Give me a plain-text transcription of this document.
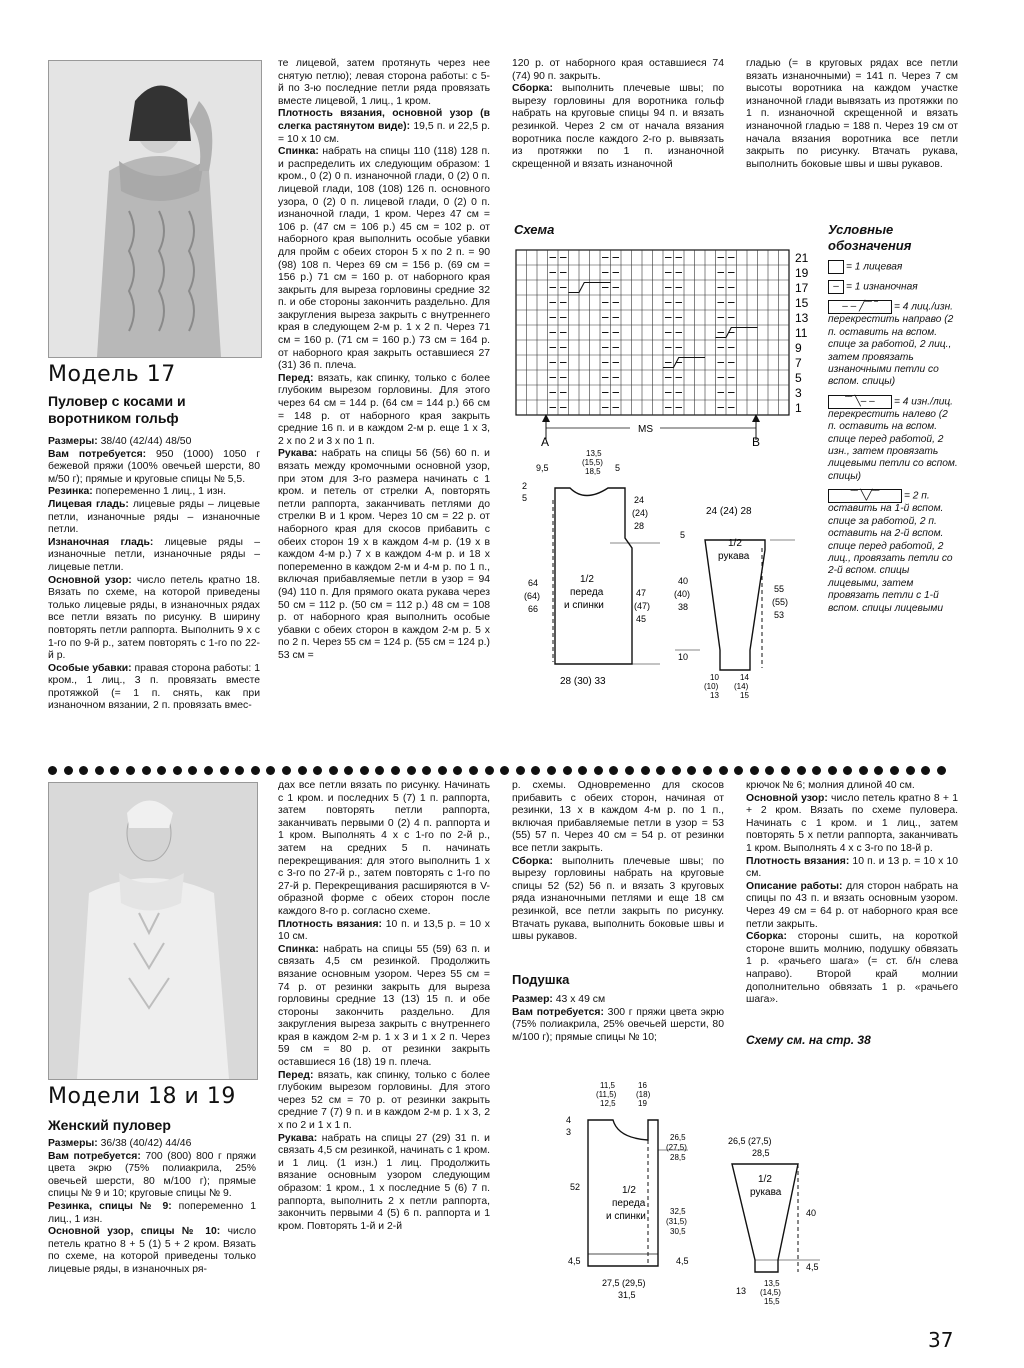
Модель 17
Пуловер с косами и воротником гольф

Размеры: 38/40 (42/44) 48/50

Вам потребуется: 950 (1000) 1050 г бежевой пряжи (100% овечьей шерсти, 80 м/50 г); прямые и круговые спицы № 5,5.

Резинка: попеременно 1 лиц., 1 изн.

Лицевая гладь: лицевые ряды – лицевые петли, изнаночные ряды – изнаночные петли.

Изнаночная гладь: лицевые ряды – изнаночные петли, изнаночные ряды – лицевые петли.

Основной узор: число петель кратно 18. Вязать по схеме, на которой приведены только лицевые ряды, в изнаночных рядах все петли вязать по рисунку. В ширину повторять петли раппорта. Выполнить 9 х с 1-го по 9-й р., затем повторять с 1-го по 22-й р.

Особые убавки: правая сторона работы: 1 кром., 1 лиц., 3 п. провязать вместе протяжкой (= 1 п. снять, как при изнаночном вязании, 2 п. провязать вмес-

те лицевой, затем протянуть через нее снятую петлю); левая сторона работы: с 5-й по 3-ю последние петли ряда провязать вместе лицевой, 1 лиц., 1 кром.

Плотность вязания, основной узор (в слегка растянутом виде): 19,5 п. и 22,5 р. = 10 х 10 см.

Спинка: набрать на спицы 110 (118) 128 п. и распределить их следующим образом: 1 кром., 0 (2) 0 п. изнаночной глади, 0 (2) 0 п. лицевой глади, 108 (108) 126 п. основного узора, 0 (2) 0 п. лицевой глади, 0 (2) 0 п. изнаночной глади, 1 кром. Через 47 см = 106 р. (47 см = 106 р.) 45 см = 102 р. от наборного края выполнить особые убавки для пройм с обеих сторон 5 х по 2 п. = 90 (98) 108 п. Через 69 см = 156 р. (69 см = 156 р.) 71 см = 160 р. от наборного края закрыть для выреза горловины средние 32 п. и обе стороны закончить раздельно. Для закругления выреза закрыть с внутреннего края в следующем 2-м р. 1 х 2 п. Через 71 см = 160 р. (71 см = 160 р.) 73 см = 164 р. от наборного края закрыть оставшиеся 27 (31) 36 п. плеча.

Перед: вязать, как спинку, только с более глубоким вырезом горловины. Для этого через 64 см = 144 р. (64 см = 144 р.) 66 см = 148 р. от наборного края закрыть средние 16 п. и в каждом 2-м р. еще 1 х 3, 2 х по 2 и 3 х по 1 п.

Рукава: набрать на спицы 56 (56) 60 п. и вязать между кромочными основной узор, при этом для 3-го размера начинать с 1 кром. и петель от стрелки А, повторять петли раппорта, заканчивать петлями до стрелки В и 1 кром. Через 10 см = 22 р. от наборного края для скосов прибавить с обеих сторон 19 х в каждом 4-м р. (19 х в каждом 4-м р.) 7 х в каждом 4-м р. и 18 х попеременно в каждом 2-м и 4-м р. по 1 п., включая прибавляемые петли в узор = 94 (94) 110 п. Для прямого оката рукава через 50 см = 112 р. (50 см = 112 р.) 48 см = 108 р. от наборного края выполнить особые убавки с обеих сторон в каждом 2-м р. 5 х по 2 п. Через 55 см = 124 р. (55 см = 124 р.) 53 см =

120 р. от наборного края оставшиеся 74 (74) 90 п. закрыть.

Сборка: выполнить плечевые швы; по вырезу горловины для воротника гольф набрать на круговые спицы 94 п. и вязать резинкой. Через 2 см от начала вязания воротника после каждого 2-го р. вывязать из протяжки по 1 п. изнаночной скрещенной и вязать изнаночной

гладью (= в круговых рядах все петли вязать изнаночными) = 141 п. Через 7 см высоты воротника на каждом участке изнаночной глади вывязать из протяжки по 1 п. изнаночной скрещенной и вязать изнаночной гладью = 188 п. Через 19 см от начала вязания воротника все петли закрыть по рисунку. Втачать рукава, выполнить боковые швы и швы рукавов.

Схема
21
19
17
15
13
11
9
7
5
3
1
MS
A	B
Условные обозначения
= 1 лицевая
– = 1 изнаночная
– – ╱‾‾ ‾ = 4 лиц./изн. перекрестить направо (2 п. оставить на вспом. спице за работой, 2 лиц., затем провязать изнаночными петли со вспом. спицы)
‾‾ ╲– – = 4 изн./лиц. перекрестить налево (2 п. оставить на вспом. спице перед работой, 2 изн., затем провязать лицевыми петли со вспом. спицы)
‾‾ ╲╱‾‾ = 2 п. оставить на 1-й вспом. спице за работой, 2 п. оставить на 2-й вспом. спице перед работой, 2 лиц., провязать петли со 2-й вспом. спицы лицевыми, затем провязать петли с 1-й вспом. спицы лицевыми
9,5
13,5
(15,5)
18,5 5
2
5	24
(24)
28
64
(64)
66
47
(47)
45
1/2
переда
и спинки
28 (30) 33
24 (24) 28
5
1/2
рукава
40
(40)
38
55
(55)
53
10
10
(10)
13
14
(14)
15
Модели 18 и 19
Женский пуловер

Размеры: 36/38 (40/42) 44/46

Вам потребуется: 700 (800) 800 г пряжи цвета экрю (75% полиакрила, 25% овечьей шерсти, 80 м/100 г); прямые спицы № 9 и 10; круговые спицы № 9.

Резинка, спицы № 9: попеременно 1 лиц., 1 изн.

Основной узор, спицы № 10: число петель кратно 8 + 5 (1) 5 + 2 кром. Вязать по схеме, на которой приведены только лицевые ряды, в изнаночных ря-

дах все петли вязать по рисунку. Начинать с 1 кром. и последних 5 (7) 1 п. раппорта, затем повторять петли раппорта, заканчивать первыми 0 (2) 4 п. раппорта и 1 кром. Выполнять 4 х с 1-го по 2-й р., затем на средних 5 п. начинать перекрещивания: для этого выполнить 1 х с 3-го по 27-й р., затем повторять с 1-го по 27-й р. Перекрещивания расширяются в V-образной форме с обеих сторон после каждого 8-го р. согласно схеме.

Плотность вязания: 10 п. и 13,5 р. = 10 х 10 см.

Спинка: набрать на спицы 55 (59) 63 п. и связать 4,5 см резинкой. Продолжить вязание основным узором. Через 55 см = 74 р. от резинки закрыть для выреза горловины средние 13 (13) 15 п. и обе стороны закончить раздельно. Для закругления выреза закрыть с внутреннего края в каждом 2-м р. 1 х 3 и 1 х 2 п. Через 59 см = 80 р. от резинки закрыть оставшиеся 16 (18) 19 п. плеча.

Перед: вязать, как спинку, только с более глубоким вырезом горловины. Для этого через 52 см = 70 р. от резинки закрыть средние 7 (7) 9 п. и в каждом 2-м р. 1 х 3, 2 х по 2 и 1 х 1 п.

Рукава: набрать на спицы 27 (29) 31 п. и связать 4,5 см резинкой, начинать с 1 кром. и 1 лиц. (1 изн.) 1 лиц. Продолжить вязание основным узором следующим образом: 1 кром., 1 х последние 5 (6) 7 п. раппорта, выполнить 2 х петли раппорта, закончить первыми 4 (5) 6 п. раппорта и 1 кром. Повторять 1-й и 2-й

р. схемы. Одновременно для скосов прибавить с обеих сторон, начиная от резинки, 13 х в каждом 4-м р. по 1 п., включая прибавляемые петли в узор = 53 (55) 57 п. Через 40 см = 54 р. от резинки все петли закрыть.

Сборка: выполнить плечевые швы; по вырезу горловины набрать на круговые спицы 52 (52) 56 п. и вязать 3 круговых ряда изнаночными петлями и еще 18 см резинкой, все петли закрыть по рисунку. Втачать рукава, выполнить боковые швы и швы рукавов.

Подушка

Размер: 43 х 49 см

Вам потребуется: 300 г пряжи цвета экрю (75% полиакрила, 25% овечьей шерсти, 80 м/100 г); прямые спицы № 10;

крючок № 6; молния длиной 40 см.

Основной узор: число петель кратно 8 + 1 + 2 кром. Вязать по схеме пуловера. Начинать с 1 кром. и 1 лиц., затем повторять 5 х петли раппорта, заканчивать 1 кром. Выполнять 4 х с 3-го по 18-й р.

Плотность вязания: 10 п. и 13 р. = 10 х 10 см.

Описание работы: для сторон набрать на спицы по 43 п. и вязать основным узором. Через 49 см = 64 р. от наборного края все петли закрыть.

Сборка: стороны сшить, на короткой стороне вшить молнию, подушку обвязать 1 р. «рачьего шага» (= ст. б/н слева направо). Второй край молнии дополнительно обвязать 1 р. «рачьего шага».

Схему см. на стр. 38
11,5
(11,5)
12,5
16
(18)
19
4
3
26,5
(27,5)
28,5
52	1/2
переда
и спинки	32,5
(31,5)
30,5
4,5	4,5
27,5 (29,5)
31,5
26,5 (27,5)
28,5
1/2
рукава
40
4,5
13
13,5
(14,5)
15,5
37
